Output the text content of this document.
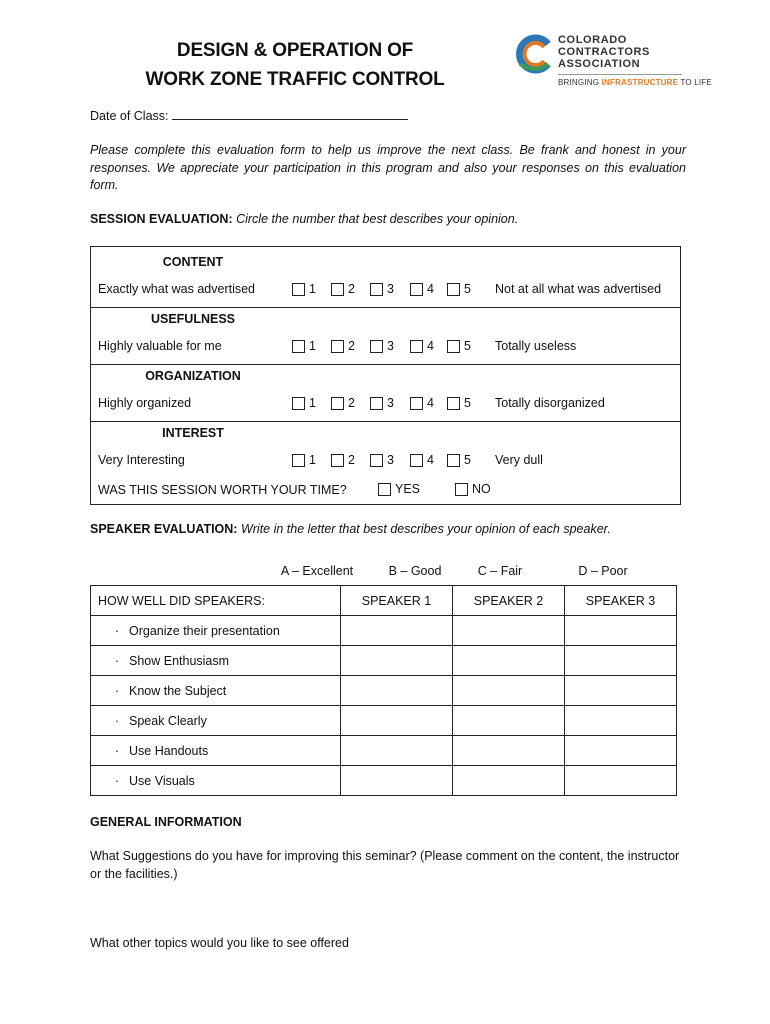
DESIGN & OPERATION OF
WORK ZONE TRAFFIC CONTROL
COLORADO
CONTRACTORS
ASSOCIATION
BRINGING INFRASTRUCTURE TO LIFE
Date of Class:
Please complete this evaluation form to help us improve the next class. Be frank and honest in your responses. We appreciate your participation in this program and also your responses on this evaluation form.
SESSION EVALUATION: Circle the number that best describes your opinion.
CONTENT
Exactly what was advertised	1	2	3	4 5 Not at all what was advertised
USEFULNESS
Highly valuable for me	1	2	3	4 5 Totally useless
ORGANIZATION
Highly organized	1	2	3	4 5 Totally disorganized
INTEREST
Very Interesting	1	2	3	4 5 Very dull
WAS THIS SESSION WORTH YOUR TIME?	YES	NO
SPEAKER EVALUATION: Write in the letter that best describes your opinion of each speaker.
A – Excellent	B – Good	C – Fair	D – Poor
HOW WELL DID SPEAKERS:	SPEAKER 1	SPEAKER 2	SPEAKER 3
· Organize their presentation			
· Show Enthusiasm			
· Know the Subject			
· Speak Clearly			
· Use Handouts			
· Use Visuals			
GENERAL INFORMATION
What Suggestions do you have for improving this seminar? (Please comment on the content, the instructor or the facilities.)
What other topics would you like to see offered
